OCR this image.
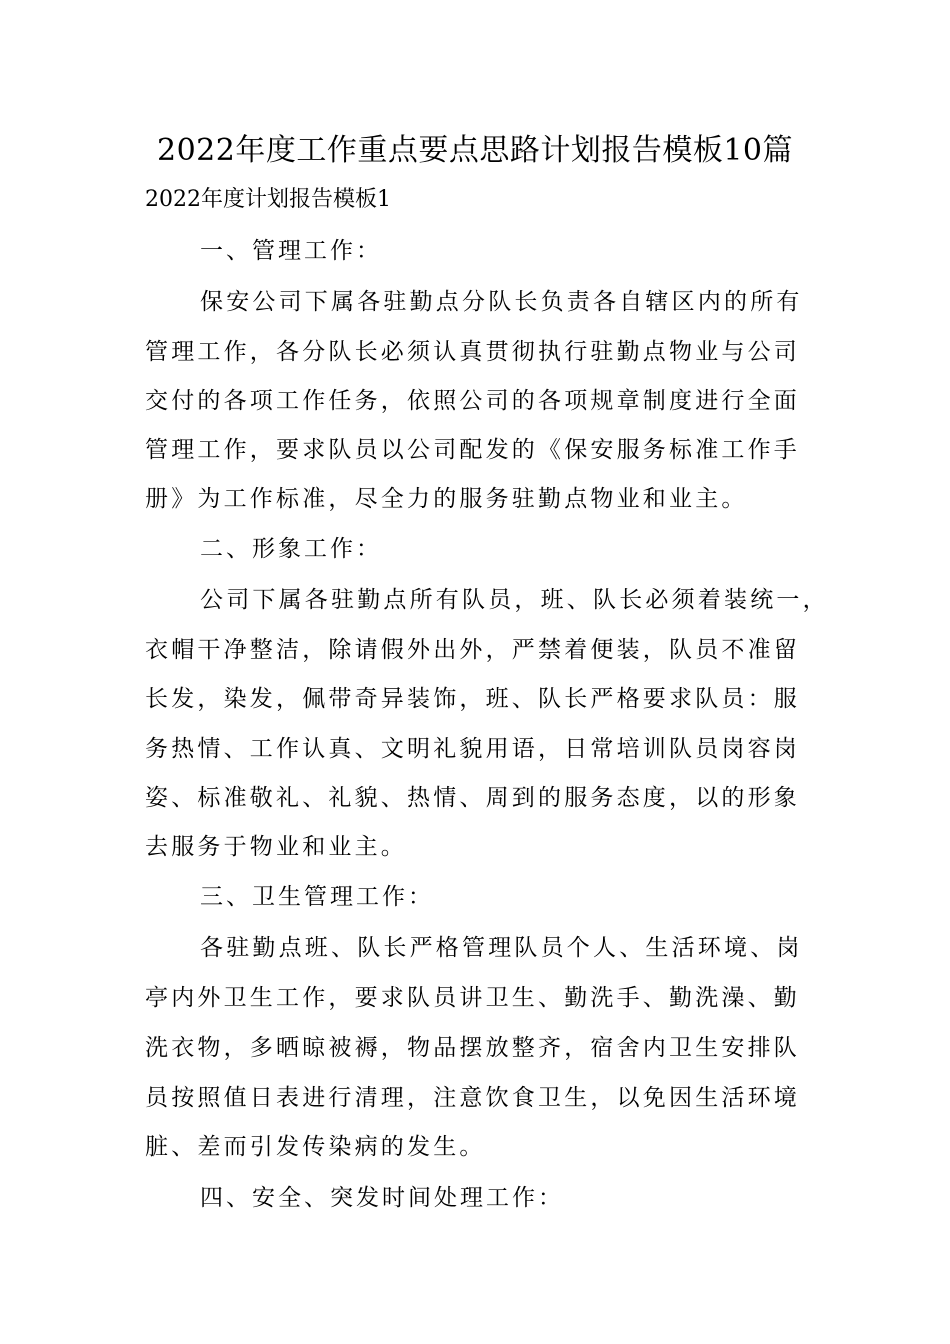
2022年度工作重点要点思路计划报告模板10篇
2022年度计划报告模板1
一、管理工作：
保安公司下属各驻勤点分队长负责各自辖区内的所有
管理工作，各分队长必须认真贯彻执行驻勤点物业与公司
交付的各项工作任务，依照公司的各项规章制度进行全面
管理工作，要求队员以公司配发的《保安服务标准工作手
册》为工作标准，尽全力的服务驻勤点物业和业主。
二、形象工作：
公司下属各驻勤点所有队员，班、队长必须着装统一，
衣帽干净整洁，除请假外出外，严禁着便装，队员不准留
长发，染发，佩带奇异装饰，班、队长严格要求队员：服
务热情、工作认真、文明礼貌用语，日常培训队员岗容岗
姿、标准敬礼、礼貌、热情、周到的服务态度，以的形象
去服务于物业和业主。
三、卫生管理工作：
各驻勤点班、队长严格管理队员个人、生活环境、岗
亭内外卫生工作，要求队员讲卫生、勤洗手、勤洗澡、勤
洗衣物，多晒晾被褥，物品摆放整齐，宿舍内卫生安排队
员按照值日表进行清理，注意饮食卫生，以免因生活环境
脏、差而引发传染病的发生。
四、安全、突发时间处理工作：
